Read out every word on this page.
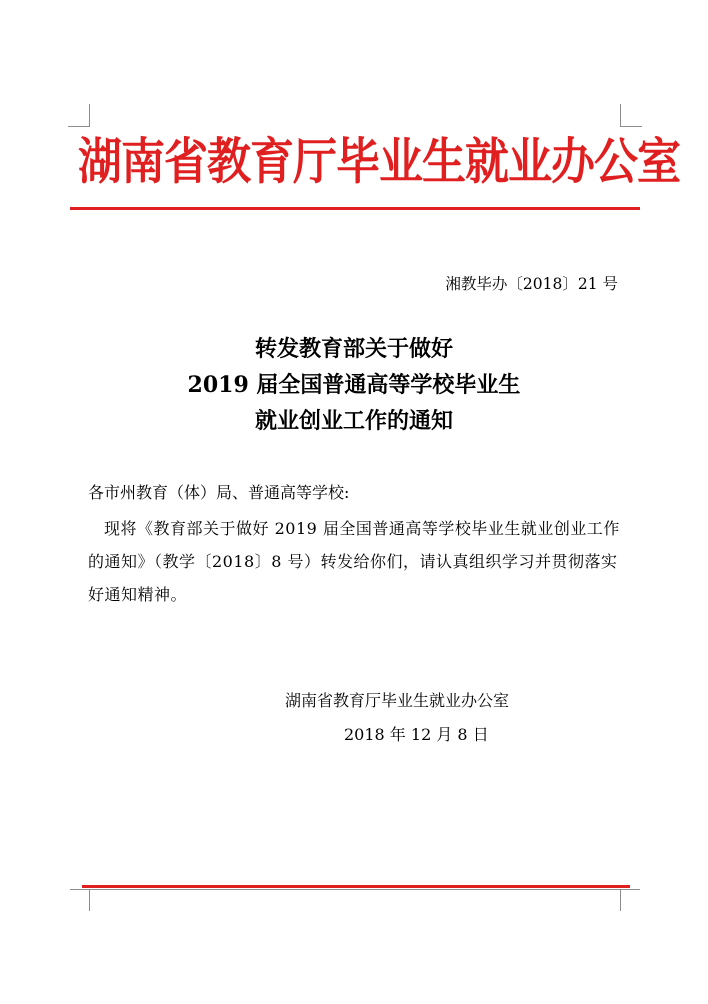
湖南省教育厅毕业生就业办公室
湘教毕办〔2018〕21 号
转发教育部关于做好
2019 届全国普通高等学校毕业生
就业创业工作的通知
各市州教育（体）局、普通高等学校:
现将《教育部关于做好 2019 届全国普通高等学校毕业生就业创业工作的通知》（教学〔2018〕8 号）转发给你们，请认真组织学习并贯彻落实好通知精神。
湖南省教育厅毕业生就业办公室
2018 年 12 月 8 日
